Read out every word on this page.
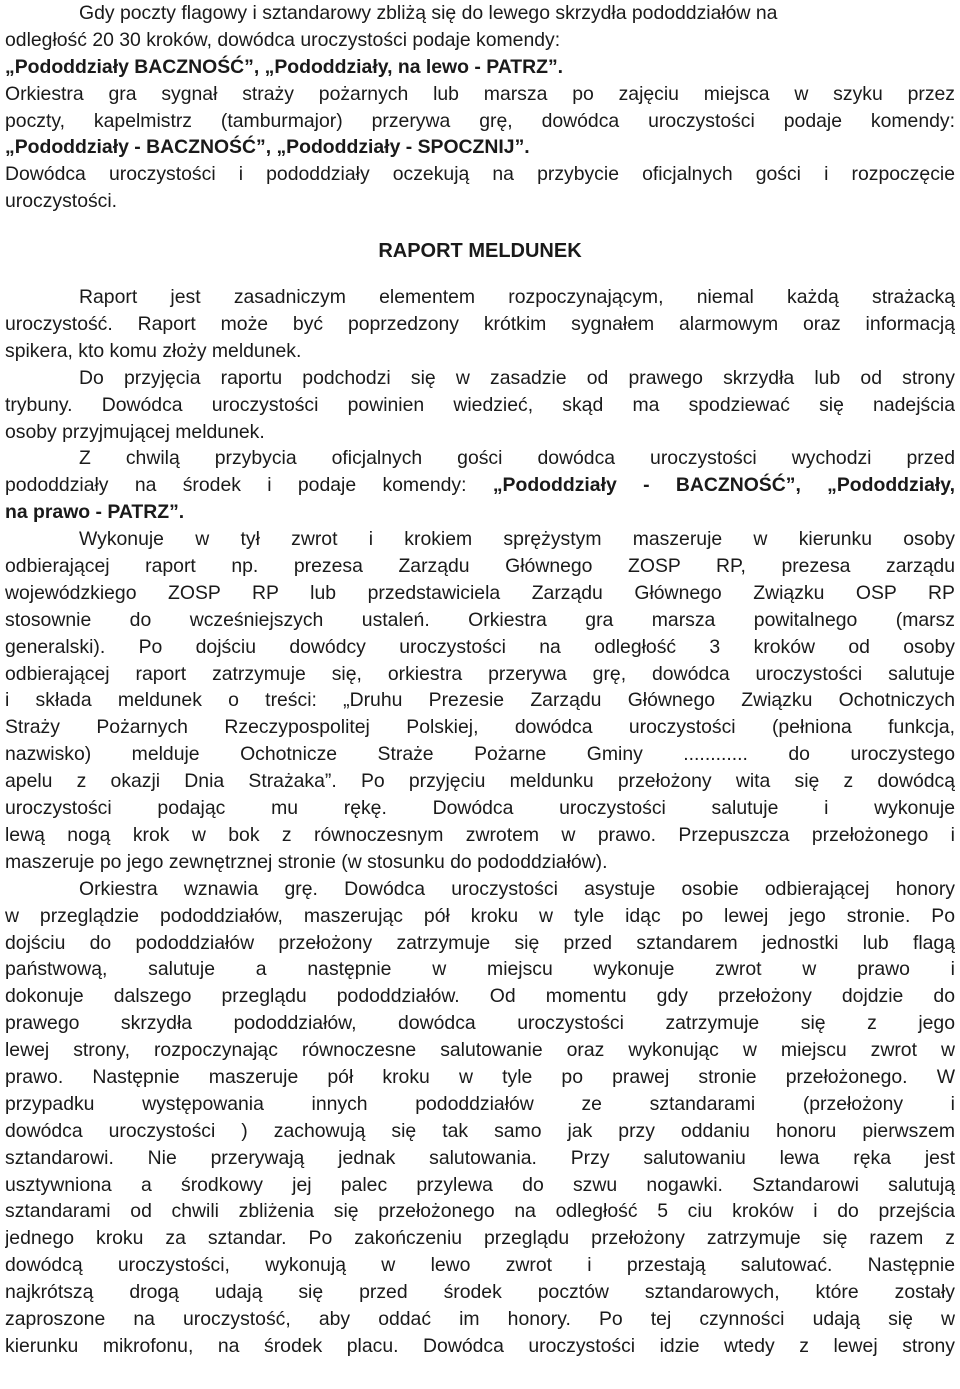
Gdy poczty flagowy i sztandarowy zbliżą się do lewego skrzydła pododdziałów na
odległość 20 30 kroków, dowódca uroczystości podaje komendy:
„Pododdziały BACZNOŚĆ”, „Pododdziały, na lewo - PATRZ”.
Orkiestra gra sygnał straży pożarnych lub marsza po zajęciu miejsca w szyku przez
poczty, kapelmistrz (tamburmajor) przerywa grę, dowódca uroczystości podaje komendy:
„Pododdziały - BACZNOŚĆ”, „Pododdziały - SPOCZNIJ”.
Dowódca uroczystości i pododdziały oczekują na przybycie oficjalnych gości i rozpoczęcie
uroczystości.
RAPORT MELDUNEK
Raport jest zasadniczym elementem rozpoczynającym, niemal każdą strażacką
uroczystość. Raport może być poprzedzony krótkim sygnałem alarmowym oraz informacją
spikera, kto komu złoży meldunek.
Do przyjęcia raportu podchodzi się w zasadzie od prawego skrzydła lub od strony
trybuny. Dowódca uroczystości powinien wiedzieć, skąd ma spodziewać się nadejścia
osoby przyjmującej meldunek.
Z chwilą przybycia oficjalnych gości dowódca uroczystości wychodzi przed
pododdziały na środek i podaje komendy: „Pododdziały - BACZNOŚĆ”, „Pododdziały,
na prawo - PATRZ”.
Wykonuje w tył zwrot i krokiem sprężystym maszeruje w kierunku osoby
odbierającej raport np. prezesa Zarządu Głównego ZOSP RP, prezesa zarządu
wojewódzkiego ZOSP RP lub przedstawiciela Zarządu Głównego Związku OSP RP
stosownie do wcześniejszych ustaleń. Orkiestra gra marsza powitalnego (marsz
generalski). Po dojściu dowódcy uroczystości na odległość 3 kroków od osoby
odbierającej raport zatrzymuje się, orkiestra przerywa grę, dowódca uroczystości salutuje
i składa meldunek o treści: „Druhu Prezesie Zarządu Głównego Związku Ochotniczych
Straży Pożarnych Rzeczypospolitej Polskiej, dowódca uroczystości (pełniona funkcja,
nazwisko) melduje Ochotnicze Straże Pożarne Gminy ............ do uroczystego
apelu z okazji Dnia Strażaka”. Po przyjęciu meldunku przełożony wita się z dowódcą
uroczystości podając mu rękę. Dowódca uroczystości salutuje i wykonuje
lewą nogą krok w bok z równoczesnym zwrotem w prawo. Przepuszcza przełożonego i
maszeruje po jego zewnętrznej stronie (w stosunku do pododdziałów).
Orkiestra wznawia grę. Dowódca uroczystości asystuje osobie odbierającej honory
w przeglądzie pododdziałów, maszerując pół kroku w tyle idąc po lewej jego stronie. Po
dojściu do pododdziałów przełożony zatrzymuje się przed sztandarem jednostki lub flagą
państwową, salutuje a następnie w miejscu wykonuje zwrot w prawo i
dokonuje dalszego przeglądu pododdziałów. Od momentu gdy przełożony dojdzie do
prawego skrzydła pododdziałów, dowódca uroczystości zatrzymuje się z jego
lewej strony, rozpoczynając równoczesne salutowanie oraz wykonując w miejscu zwrot w
prawo. Następnie maszeruje pół kroku w tyle po prawej stronie przełożonego. W
przypadku występowania innych pododdziałów ze sztandarami (przełożony i
dowódca uroczystości ) zachowują się tak samo jak przy oddaniu honoru pierwszem
sztandarowi. Nie przerywają jednak salutowania. Przy salutowaniu lewa ręka jest
usztywniona a środkowy jej palec przylewa do szwu nogawki. Sztandarowi salutują
sztandarami od chwili zbliżenia się przełożonego na odległość 5 ciu kroków i do przejścia
jednego kroku za sztandar. Po zakończeniu przeglądu przełożony zatrzymuje się razem z
dowódcą uroczystości, wykonują w lewo zwrot i przestają salutować. Następnie
najkrótszą drogą udają się przed środek pocztów sztandarowych, które zostały
zaproszone na uroczystość, aby oddać im honory. Po tej czynności udają się w
kierunku mikrofonu, na środek placu. Dowódca uroczystości idzie wtedy z lewej strony
